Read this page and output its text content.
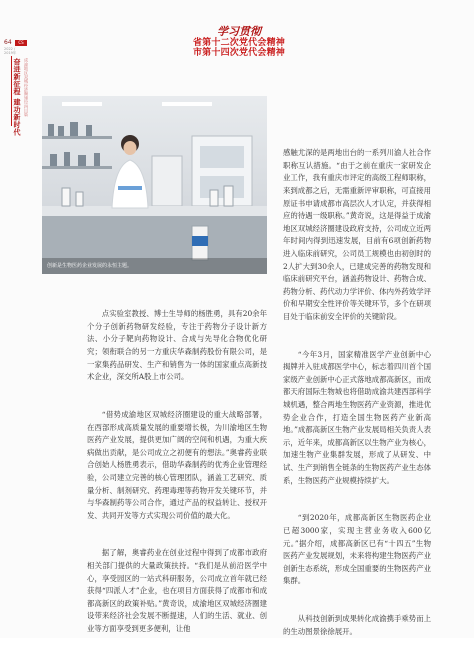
64	CS
2022 / 2019年
奋进新征程 建功新时代 成渝地区双城经济圈建设四川篇
学习贯彻
省第十二次党代会精神
市第十四次党代会精神
创新是生物医药企业发展的永恒主题。

点实验室教授、博士生导师的杨胜勇，具有20余年个分子创新药物研发经验，专注于药物分子设计新方法、小分子靶向药物设计、合成与先导化合物优化研究；领衔联合的另一方重庆华森制药股份有限公司，是一家集药品研发、生产和销售为一体的国家重点高新技术企业，深交所A股上市公司。

“借势成渝地区双城经济圈建设的重大战略部署，在西部形成高质量发展的重要增长极，为川渝地区生物医药产业发展，提供更加广阔的空间和机遇，为重大疾病做出贡献，是公司成立之初便有的想法。”奥睿药业联合创始人杨胜勇表示，借助华森制药的优秀企业管理经验，公司建立完善的核心管理团队，涵盖工艺研究、质量分析、制剂研究、药理毒理等药物开发关键环节，并与华森制药等公司合作，通过产品的权益转让、授权开发、共同开发等方式实现公司价值的最大化。

据了解，奥睿药业在创业过程中得到了成都市政府相关部门提供的大量政策扶持。“我们是从前沿医学中心，享受园区的一站式科研服务，公司成立首年就已经获得“四派人才”企业，也在项目方面获得了成都市和成都高新区的政策补贴。”黄奇说，成渝地区双城经济圈建设带来经济社会发展不断提速，人们的生活、就业、创业等方面享受到更多便利，让他

感触尤深的是两地出台的一系列川渝人社合作职称互认措施。“由于之前在重庆一家研发企业工作，我有重庆市评定的高级工程师职称，来到成都之后，无需重新评审职称，可直接用原证书申请成都市高层次人才认定，并获得相应的待遇一级职称。”黄奇说，这是得益于成渝地区双城经济圈建设政府支持，公司成立近两年时间内得到迅速发展，目前有6项创新药物进入临床前研究，公司员工规模也由初创时的2人扩大到30余人，已建成完善的药物发现和临床前研究平台，涵盖药物设计、药物合成、药物分析、药代动力学评价、体内外药效学评价和早期安全性评价等关键环节，多个在研项目处于临床前安全评价的关键阶段。

“今年3月，国家精准医学产业创新中心揭牌并入驻成都医学中心，标志着四川首个国家级产业创新中心正式落地成都高新区，而成都天府国际生物城也将借助成渝共建西部科学城机遇，整合两地生物医药产业资源，推进优势企业合作，打造全国生物医药产业新高地。”成都高新区生物产业发展局相关负责人表示，近年来，成都高新区以生物产业为核心，加速生物产业集群发展，形成了从研发、中试、生产到销售全链条的生物医药产业生态体系，生物医药产业规模持续扩大。

“到2020年，成都高新区生物医药企业已超3000家，实现主营业务收入600亿元。”据介绍，成都高新区已有“十四五”生物医药产业发展规划，未来将构建生物医药产业创新生态系统，形成全国重要的生物医药产业集群。

从科技创新到成果转化成渝携手乘势而上的生动图景徐徐展开。
